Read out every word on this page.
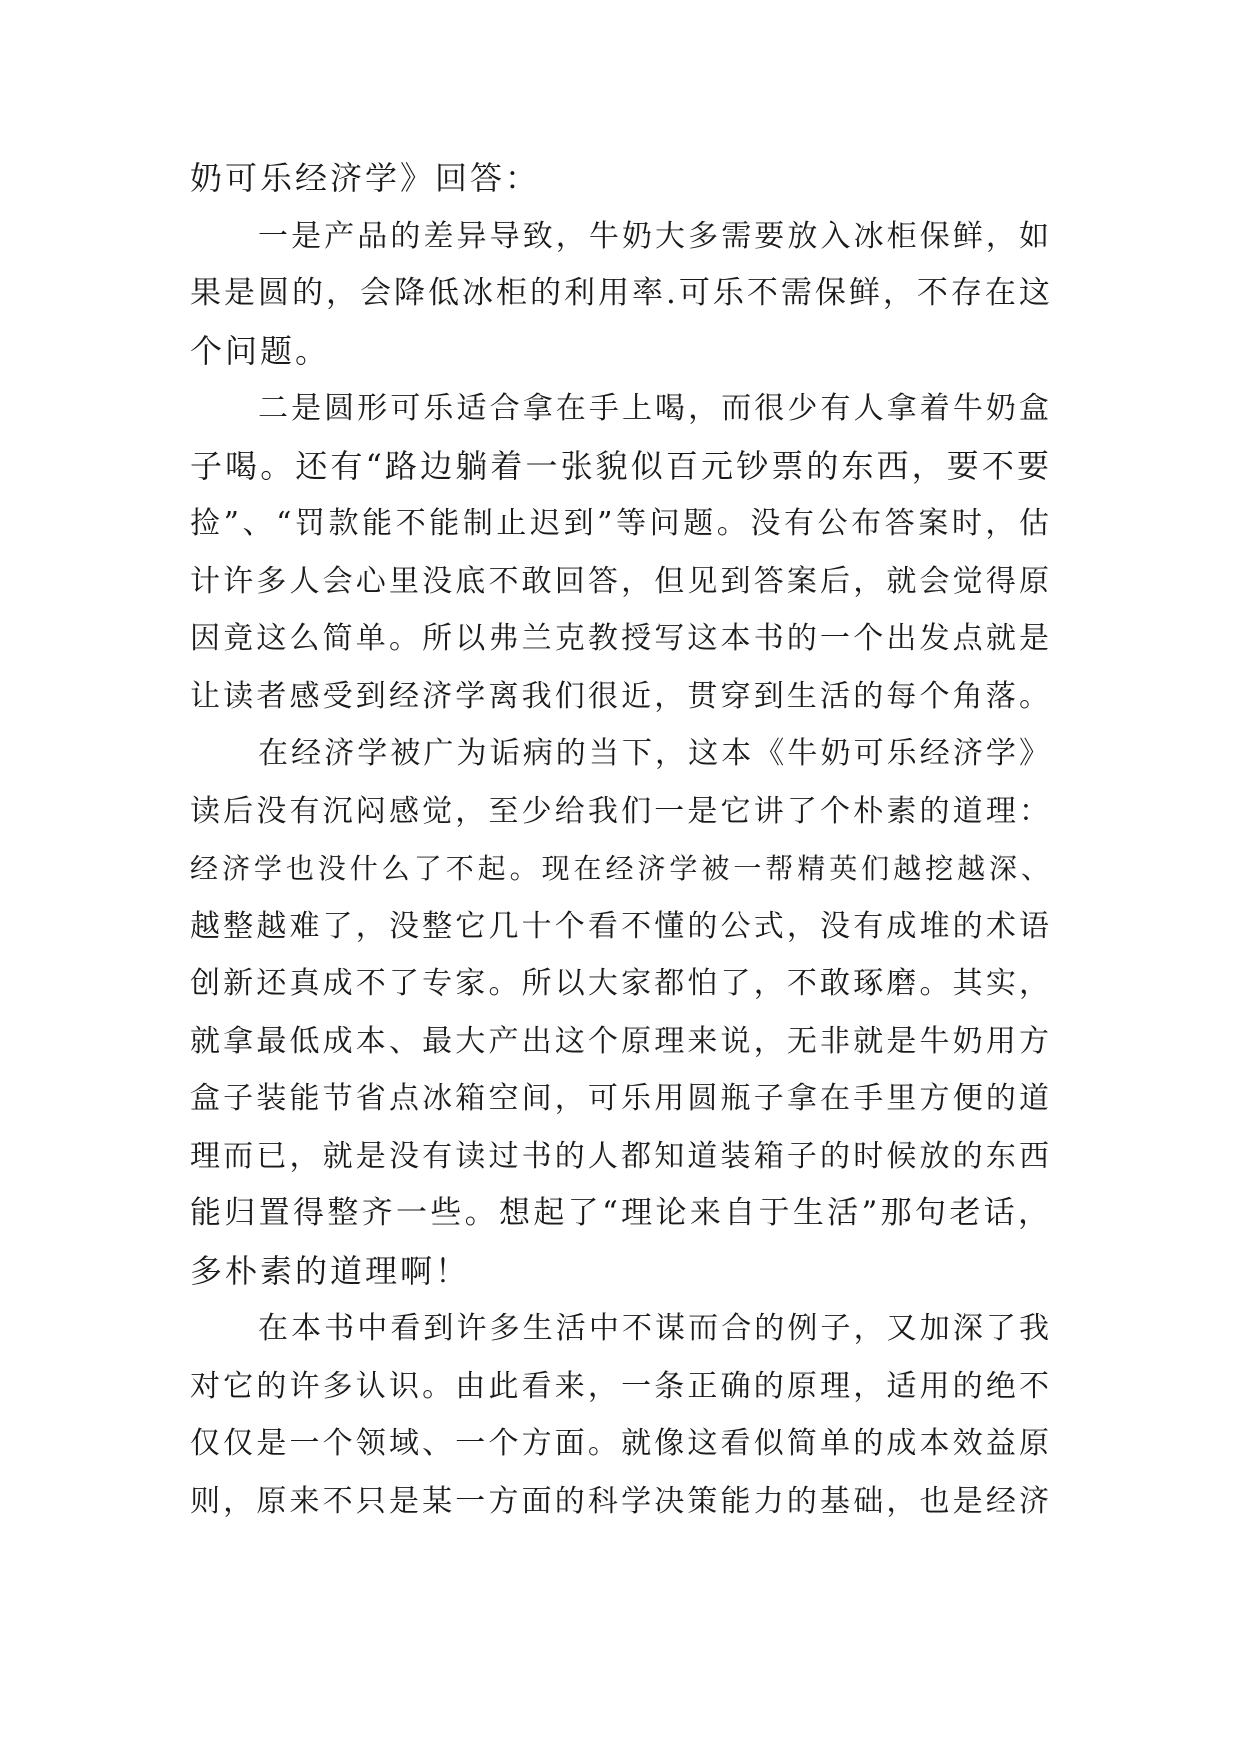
奶可乐经济学》回答：
一是产品的差异导致，牛奶大多需要放入冰柜保鲜，如
果是圆的，会降低冰柜的利用率.可乐不需保鲜，不存在这
个问题。
二是圆形可乐适合拿在手上喝，而很少有人拿着牛奶盒
子喝。还有“路边躺着一张貌似百元钞票的东西，要不要
捡”、“罚款能不能制止迟到”等问题。没有公布答案时，估
计许多人会心里没底不敢回答，但见到答案后，就会觉得原
因竟这么简单。所以弗兰克教授写这本书的一个出发点就是
让读者感受到经济学离我们很近，贯穿到生活的每个角落。
在经济学被广为诟病的当下，这本《牛奶可乐经济学》
读后没有沉闷感觉，至少给我们一是它讲了个朴素的道理：
经济学也没什么了不起。现在经济学被一帮精英们越挖越深、
越整越难了，没整它几十个看不懂的公式，没有成堆的术语
创新还真成不了专家。所以大家都怕了，不敢琢磨。其实，
就拿最低成本、最大产出这个原理来说，无非就是牛奶用方
盒子装能节省点冰箱空间，可乐用圆瓶子拿在手里方便的道
理而已，就是没有读过书的人都知道装箱子的时候放的东西
能归置得整齐一些。想起了“理论来自于生活”那句老话，
多朴素的道理啊！
在本书中看到许多生活中不谋而合的例子，又加深了我
对它的许多认识。由此看来，一条正确的原理，适用的绝不
仅仅是一个领域、一个方面。就像这看似简单的成本效益原
则，原来不只是某一方面的科学决策能力的基础，也是经济
